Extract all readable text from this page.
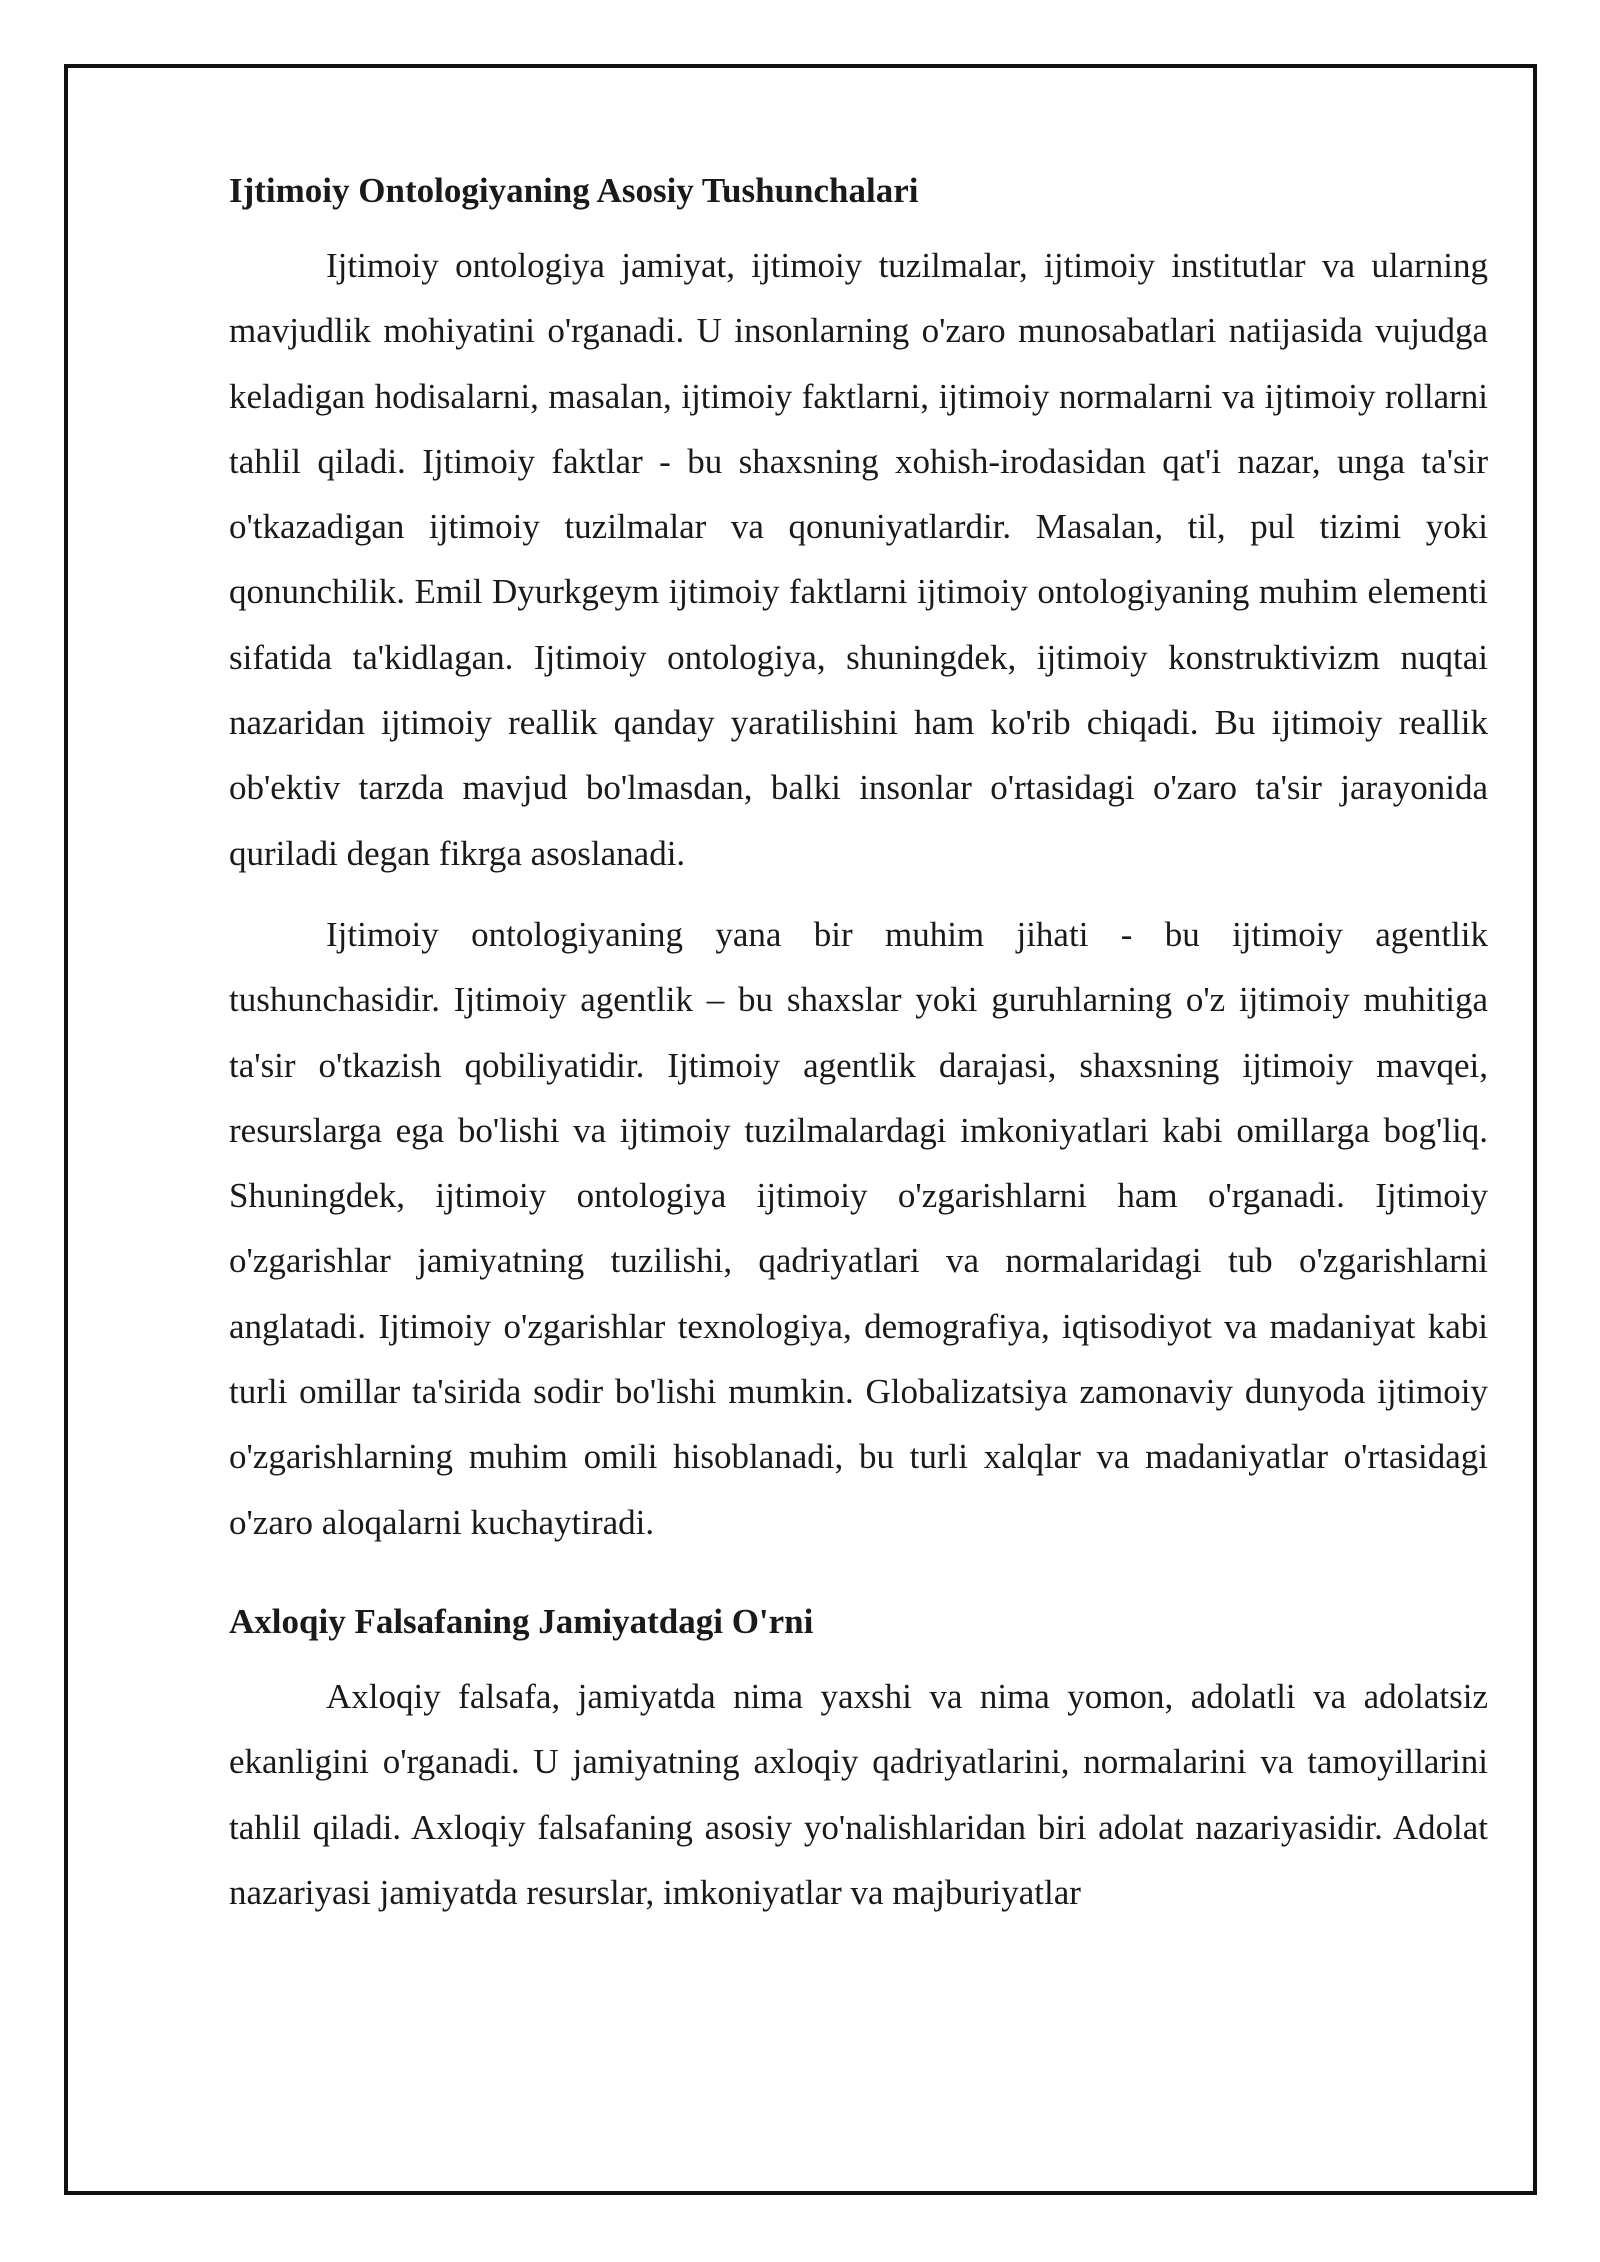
Ijtimoiy Ontologiyaning Asosiy Tushunchalari

Ijtimoiy ontologiya jamiyat, ijtimoiy tuzilmalar, ijtimoiy institutlar va ularning mavjudlik mohiyatini o'rganadi. U insonlarning o'zaro munosabatlari natijasida vujudga keladigan hodisalarni, masalan, ijtimoiy faktlarni, ijtimoiy normalarni va ijtimoiy rollarni tahlil qiladi. Ijtimoiy faktlar - bu shaxsning xohish-irodasidan qat'i nazar, unga ta'sir o'tkazadigan ijtimoiy tuzilmalar va qonuniyatlardir. Masalan, til, pul tizimi yoki qonunchilik. Emil Dyurkgeym ijtimoiy faktlarni ijtimoiy ontologiyaning muhim elementi sifatida ta'kidlagan. Ijtimoiy ontologiya, shuningdek, ijtimoiy konstruktivizm nuqtai nazaridan ijtimoiy reallik qanday yaratilishini ham ko'rib chiqadi. Bu ijtimoiy reallik ob'ektiv tarzda mavjud bo'lmasdan, balki insonlar o'rtasidagi o'zaro ta'sir jarayonida quriladi degan fikrga asoslanadi.

Ijtimoiy ontologiyaning yana bir muhim jihati - bu ijtimoiy agentlik tushunchasidir. Ijtimoiy agentlik – bu shaxslar yoki guruhlarning o'z ijtimoiy muhitiga ta'sir o'tkazish qobiliyatidir. Ijtimoiy agentlik darajasi, shaxsning ijtimoiy mavqei, resurslarga ega bo'lishi va ijtimoiy tuzilmalardagi imkoniyatlari kabi omillarga bog'liq. Shuningdek, ijtimoiy ontologiya ijtimoiy o'zgarishlarni ham o'rganadi. Ijtimoiy o'zgarishlar jamiyatning tuzilishi, qadriyatlari va normalaridagi tub o'zgarishlarni anglatadi. Ijtimoiy o'zgarishlar texnologiya, demografiya, iqtisodiyot va madaniyat kabi turli omillar ta'sirida sodir bo'lishi mumkin. Globalizatsiya zamonaviy dunyoda ijtimoiy o'zgarishlarning muhim omili hisoblanadi, bu turli xalqlar va madaniyatlar o'rtasidagi o'zaro aloqalarni kuchaytiradi.

Axloqiy Falsafaning Jamiyatdagi O'rni

Axloqiy falsafa, jamiyatda nima yaxshi va nima yomon, adolatli va adolatsiz ekanligini o'rganadi. U jamiyatning axloqiy qadriyatlarini, normalarini va tamoyillarini tahlil qiladi. Axloqiy falsafaning asosiy yo'nalishlaridan biri adolat nazariyasidir. Adolat nazariyasi jamiyatda resurslar, imkoniyatlar va majburiyatlar
